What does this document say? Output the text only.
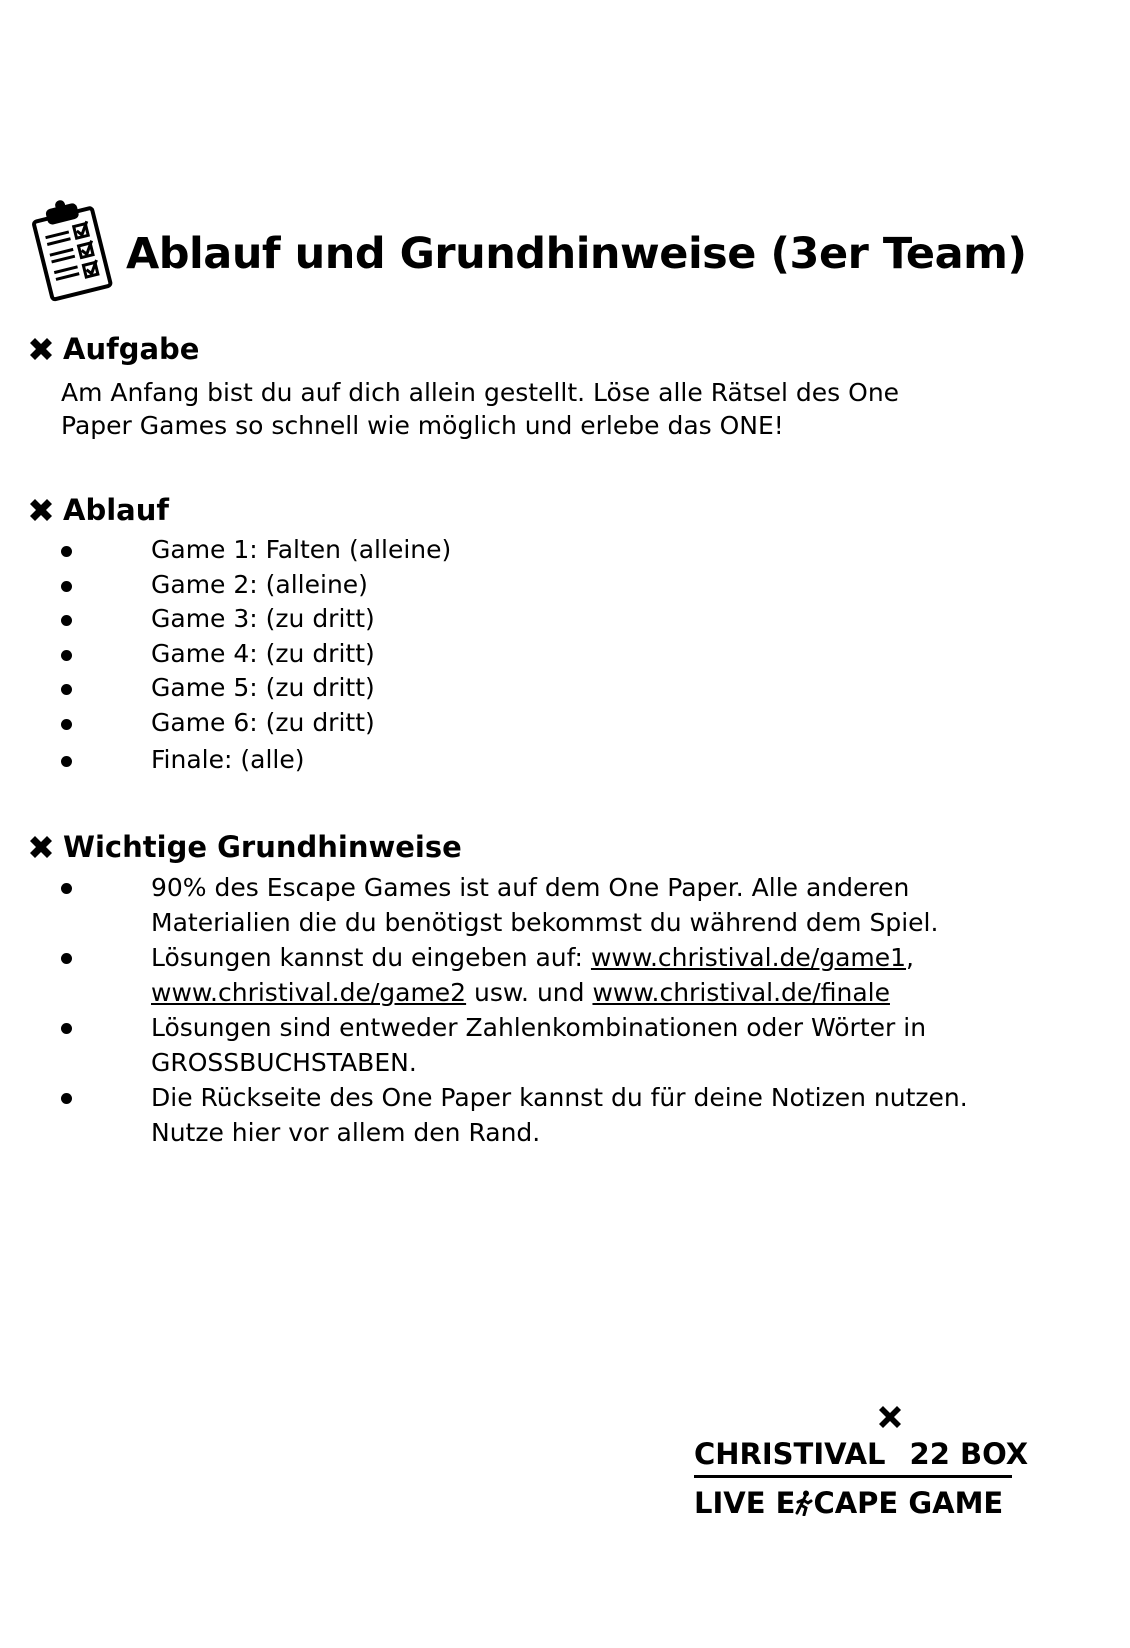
Ablauf und Grundhinweise (3er Team)
Aufgabe
Am Anfang bist du auf dich allein gestellt. Löse alle Rätsel des One Paper Games so schnell wie möglich und erlebe das ONE!
Ablauf
Game 1: Falten (alleine)
Game 2: (alleine)
Game 3: (zu dritt)
Game 4: (zu dritt)
Game 5: (zu dritt)
Game 6: (zu dritt)
Finale: (alle)
Wichtige Grundhinweise
90% des Escape Games ist auf dem One Paper. Alle anderen Materialien die du benötigst bekommst du während dem Spiel.
Lösungen kannst du eingeben auf: www.christival.de/game1, www.christival.de/game2 usw. und www.christival.de/finale
Lösungen sind entweder Zahlenkombinationen oder Wörter in GROSSBUCHSTABEN.
Die Rückseite des One Paper kannst du für deine Notizen nutzen. Nutze hier vor allem den Rand.
CHRISTIVAL 22 BOX
LIVE E CAPE GAME
